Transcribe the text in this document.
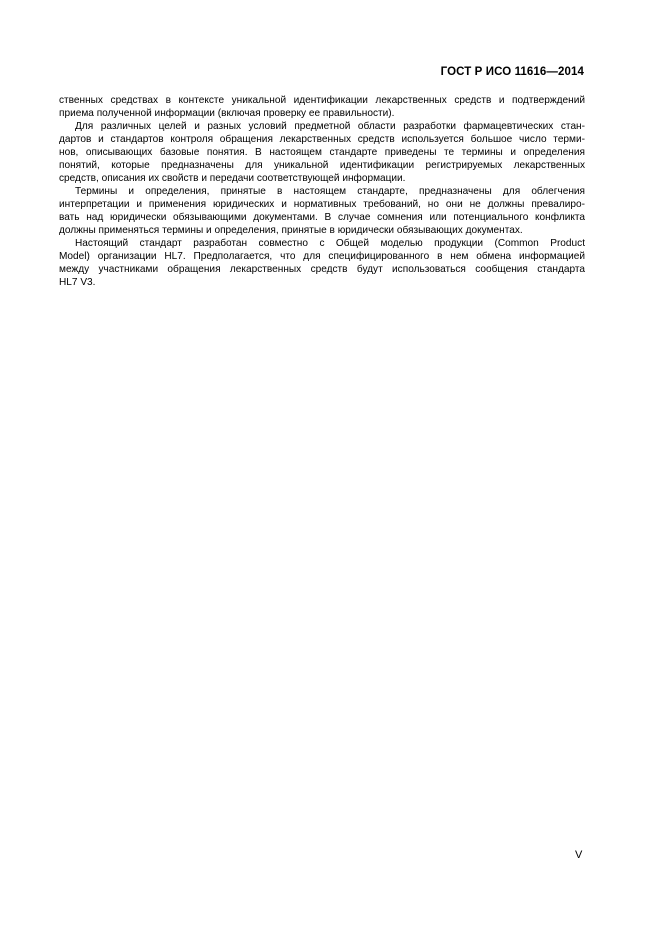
ГОСТ Р ИСО 11616—2014

ственных средствах в контексте уникальной идентификации лекарственных средств и подтверждений
приема полученной информации (включая проверку ее правильности).

Для различных целей и разных условий предметной области разработки фармацевтических стан-
дартов и стандартов контроля обращения лекарственных средств используется большое число терми-
нов, описывающих базовые понятия. В настоящем стандарте приведены те термины и определения
понятий, которые предназначены для уникальной идентификации регистрируемых лекарственных
средств, описания их свойств и передачи соответствующей информации.

Термины и определения, принятые в настоящем стандарте, предназначены для облегчения
интерпретации и применения юридических и нормативных требований, но они не должны превалиро-
вать над юридически обязывающими документами. В случае сомнения или потенциального конфликта
должны применяться термины и определения, принятые в юридически обязывающих документах.

Настоящий стандарт разработан совместно с Общей моделью продукции (Common Product
Model) организации HL7. Предполагается, что для специфицированного в нем обмена информацией
между участниками обращения лекарственных средств будут использоваться сообщения стандарта
HL7 V3.

V
